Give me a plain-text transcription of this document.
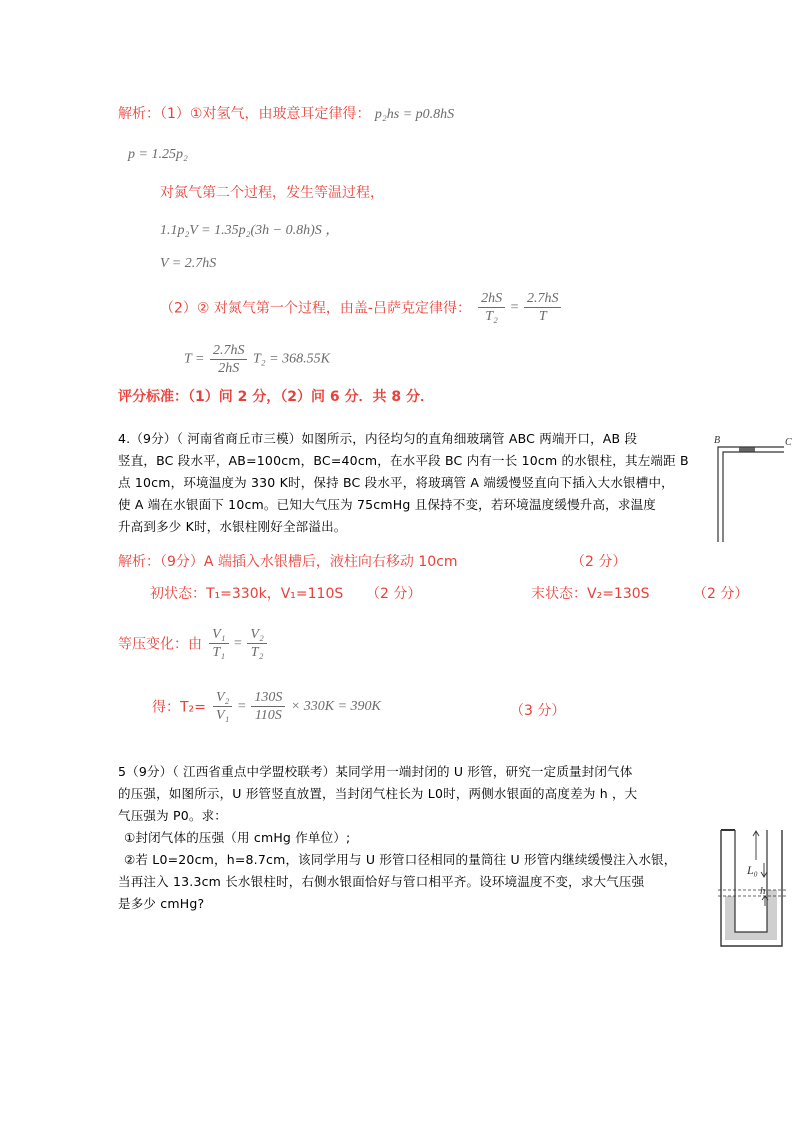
解析：（1）①对氢气，由玻意耳定律得： p₂hs = p0.8hS
p = 1.25p₂
对氮气第二个过程，发生等温过程，
1.1p₂V = 1.35p₂(3h − 0.8h)S ，
V = 2.7hS
（2）② 对氮气第一个过程，由盖-吕萨克定律得： $\frac{2hS}{\text{T₂}} = \frac{2.7hS}{T}$
$T = \frac{2.7hS}{2hS} T_2 = 368.55K$
评分标准：（1）问 2 分，（2）问 6 分．共 8 分．
4.（9分）（ 河南省商丘市三模）如图所示，内径均匀的直角细玻璃管 ABC 两端开口，AB 段
竖直，BC 段水平，AB=100cm，BC=40cm，在水平段 BC 内有一长 10cm 的水银柱，其左端距 B
点 10cm，环境温度为 330 K时，保持 BC 段水平，将玻璃管 A 端缓慢竖直向下插入大水银槽中，
使 A 端在水银面下 10cm。已知大气压为 75cmHg 且保持不变，若环境温度缓慢升高，求温度
升高到多少 K时，水银柱刚好全部溢出。
B	C
解析：（9分）A 端插入水银槽后，液柱向右移动 10cm	（2 分）
初状态：T₁=330k，V₁=110S （2 分）	末状态：V₂=130S	（2 分）
等压变化：由 $\frac{\text{V₁}}{\text{T₁}} = \frac{\text{V₂}}{\text{T₂}}$
得：$T_2= \frac{\text{V₂}}{\text{V₁}} = \frac{130S}{110S} \times 330K = 390K$	（3 分）
5（9分）（ 江西省重点中学盟校联考）某同学用一端封闭的 U 形管，研究一定质量封闭气体
的压强，如图所示，U 形管竖直放置，当封闭气柱长为 L0时，两侧水银面的高度差为 h ，大
气压强为 P0。求：
①封闭气体的压强（用 cmHg 作单位）;
②若 L0=20cm，h=8.7cm，该同学用与 U 形管口径相同的量筒往 U 形管内继续缓慢注入水银，
当再注入 13.3cm 长水银柱时，右侧水银面恰好与管口相平齐。设环境温度不变，求大气压强
是多少 cmHg?
L₀
h
